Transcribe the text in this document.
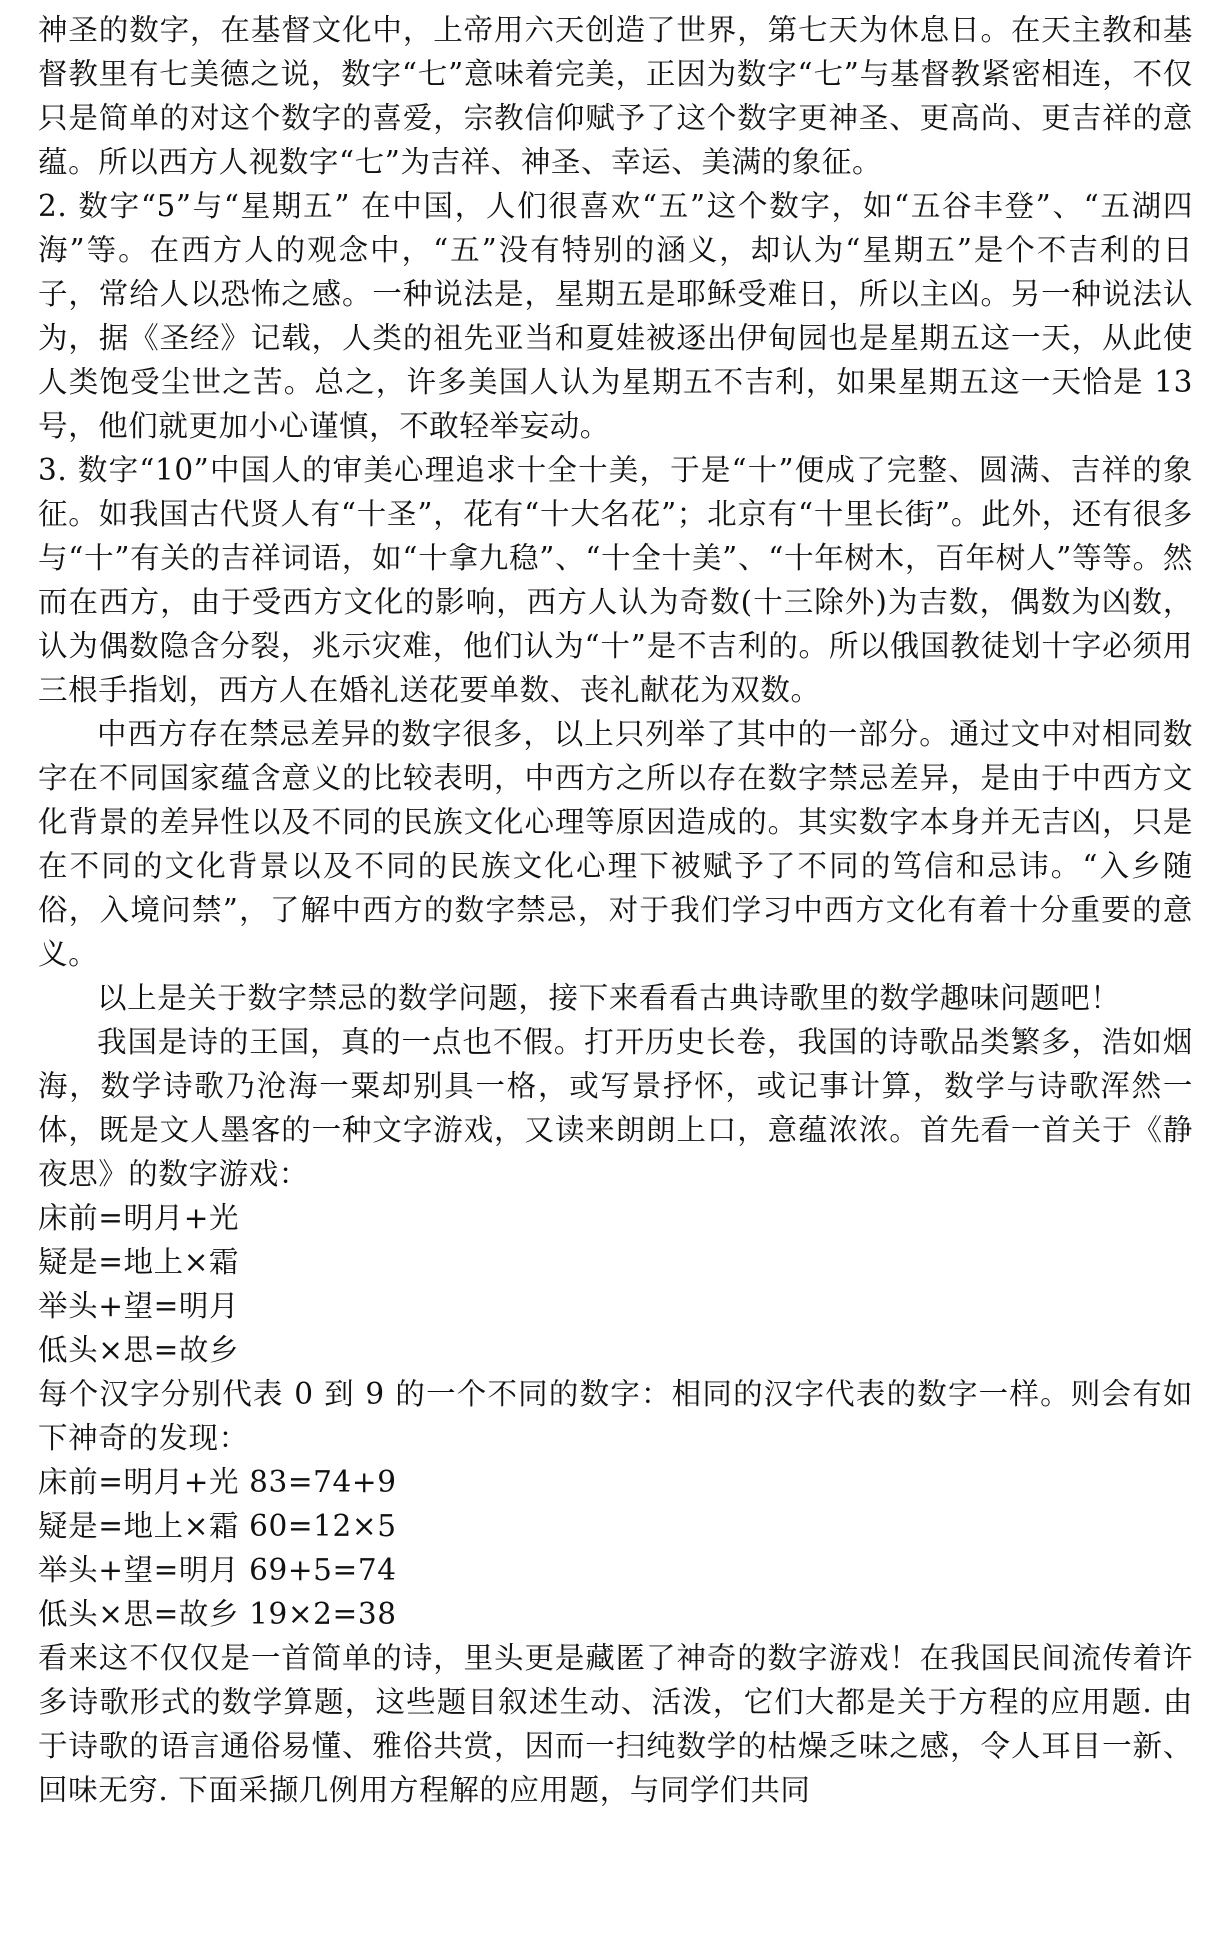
神圣的数字，在基督文化中，上帝用六天创造了世界，第七天为休息日。在天主教和基督教里有七美德之说，数字“七”意味着完美，正因为数字“七”与基督教紧密相连，不仅只是简单的对这个数字的喜爱，宗教信仰赋予了这个数字更神圣、更高尚、更吉祥的意蕴。所以西方人视数字“七”为吉祥、神圣、幸运、美满的象征。

2. 数字“5”与“星期五” 在中国，人们很喜欢“五”这个数字，如“五谷丰登”、“五湖四海”等。在西方人的观念中，“五”没有特别的涵义，却认为“星期五”是个不吉利的日子，常给人以恐怖之感。一种说法是，星期五是耶稣受难日，所以主凶。另一种说法认为，据《圣经》记载，人类的祖先亚当和夏娃被逐出伊甸园也是星期五这一天，从此使人类饱受尘世之苦。总之，许多美国人认为星期五不吉利，如果星期五这一天恰是 13 号，他们就更加小心谨慎，不敢轻举妄动。

3. 数字“10”中国人的审美心理追求十全十美，于是“十”便成了完整、圆满、吉祥的象征。如我国古代贤人有“十圣”，花有“十大名花”；北京有“十里长街”。此外，还有很多与“十”有关的吉祥词语，如“十拿九稳”、“十全十美”、“十年树木，百年树人”等等。然而在西方，由于受西方文化的影响，西方人认为奇数(十三除外)为吉数，偶数为凶数，认为偶数隐含分裂，兆示灾难，他们认为“十”是不吉利的。所以俄国教徒划十字必须用三根手指划，西方人在婚礼送花要单数、丧礼献花为双数。

中西方存在禁忌差异的数字很多，以上只列举了其中的一部分。通过文中对相同数字在不同国家蕴含意义的比较表明，中西方之所以存在数字禁忌差异，是由于中西方文化背景的差异性以及不同的民族文化心理等原因造成的。其实数字本身并无吉凶，只是在不同的文化背景以及不同的民族文化心理下被赋予了不同的笃信和忌讳。“入乡随俗，入境问禁”，了解中西方的数字禁忌，对于我们学习中西方文化有着十分重要的意义。

以上是关于数字禁忌的数学问题，接下来看看古典诗歌里的数学趣味问题吧！

我国是诗的王国，真的一点也不假。打开历史长卷，我国的诗歌品类繁多，浩如烟海，数学诗歌乃沧海一粟却别具一格，或写景抒怀，或记事计算，数学与诗歌浑然一体，既是文人墨客的一种文字游戏，又读来朗朗上口，意蕴浓浓。首先看一首关于《静夜思》的数字游戏：

床前=明月+光

疑是=地上×霜

举头+望=明月

低头×思=故乡

每个汉字分别代表 0 到 9 的一个不同的数字：相同的汉字代表的数字一样。则会有如下神奇的发现：

床前=明月+光 83=74+9

疑是=地上×霜 60=12×5

举头+望=明月 69+5=74

低头×思=故乡 19×2=38

看来这不仅仅是一首简单的诗，里头更是藏匿了神奇的数字游戏！在我国民间流传着许多诗歌形式的数学算题，这些题目叙述生动、活泼，它们大都是关于方程的应用题. 由于诗歌的语言通俗易懂、雅俗共赏，因而一扫纯数学的枯燥乏味之感，令人耳目一新、回味无穷. 下面采撷几例用方程解的应用题，与同学们共同
